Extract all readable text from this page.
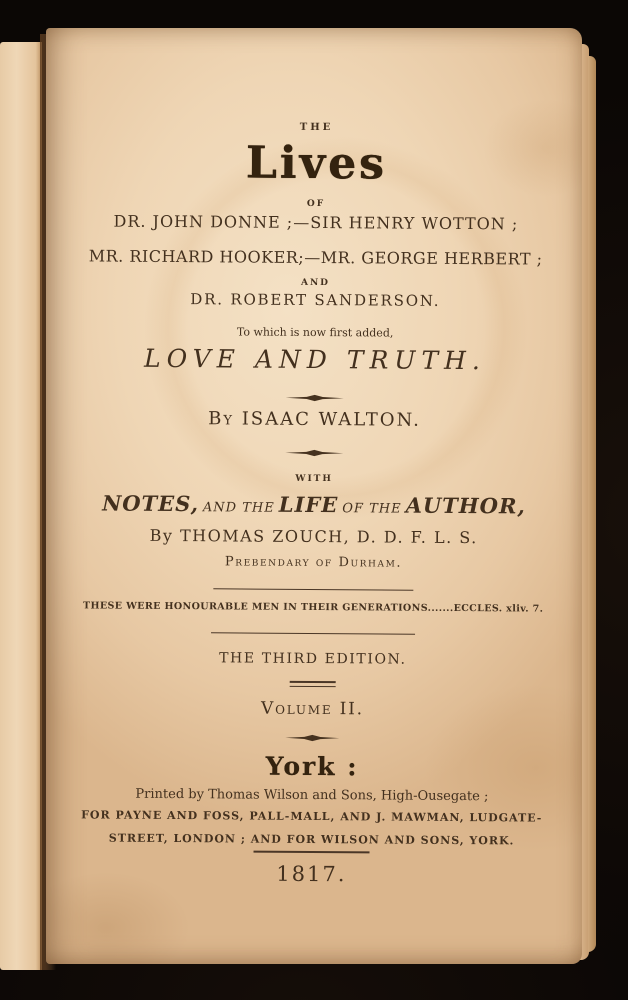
THE
Lives
OF
DR. JOHN DONNE ;—SIR HENRY WOTTON ;
MR. RICHARD HOOKER;—MR. GEORGE HERBERT ;
AND
DR. ROBERT SANDERSON.
To which is now first added,
LOVE AND TRUTH.
By ISAAC WALTON.
WITH
NOTES, AND THE LIFE OF THE AUTHOR,
By THOMAS ZOUCH, D. D. F. L. S.
Prebendary of Durham.
THESE WERE HONOURABLE MEN IN THEIR GENERATIONS.......ECCLES. xliv. 7.
THE THIRD EDITION.
Volume II.
York :
Printed by Thomas Wilson and Sons, High-Ousegate ;
FOR PAYNE AND FOSS, PALL-MALL, AND J. MAWMAN, LUDGATE-
STREET, LONDON ; AND FOR WILSON AND SONS, YORK.
1817.
